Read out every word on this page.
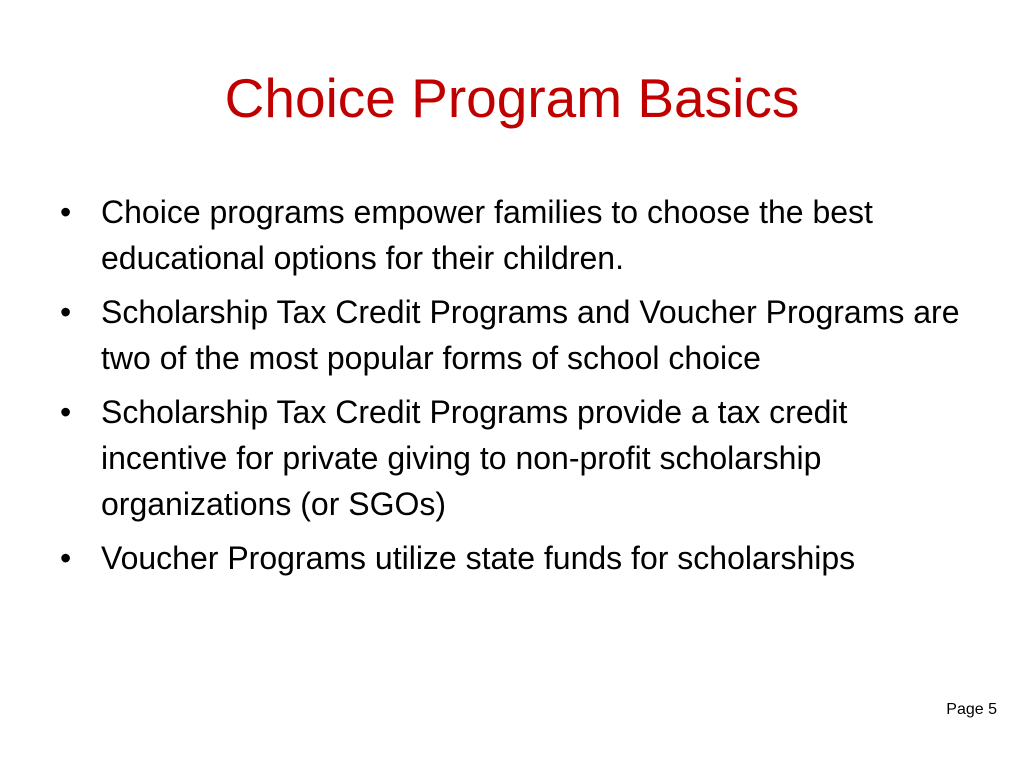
Choice Program Basics
• Choice programs empower families to choose the best educational options for their children.
• Scholarship Tax Credit Programs and Voucher Programs are two of the most popular forms of school choice
• Scholarship Tax Credit Programs provide a tax credit incentive for private giving to non-profit scholarship organizations (or SGOs)
• Voucher Programs utilize state funds for scholarships
Page 5
